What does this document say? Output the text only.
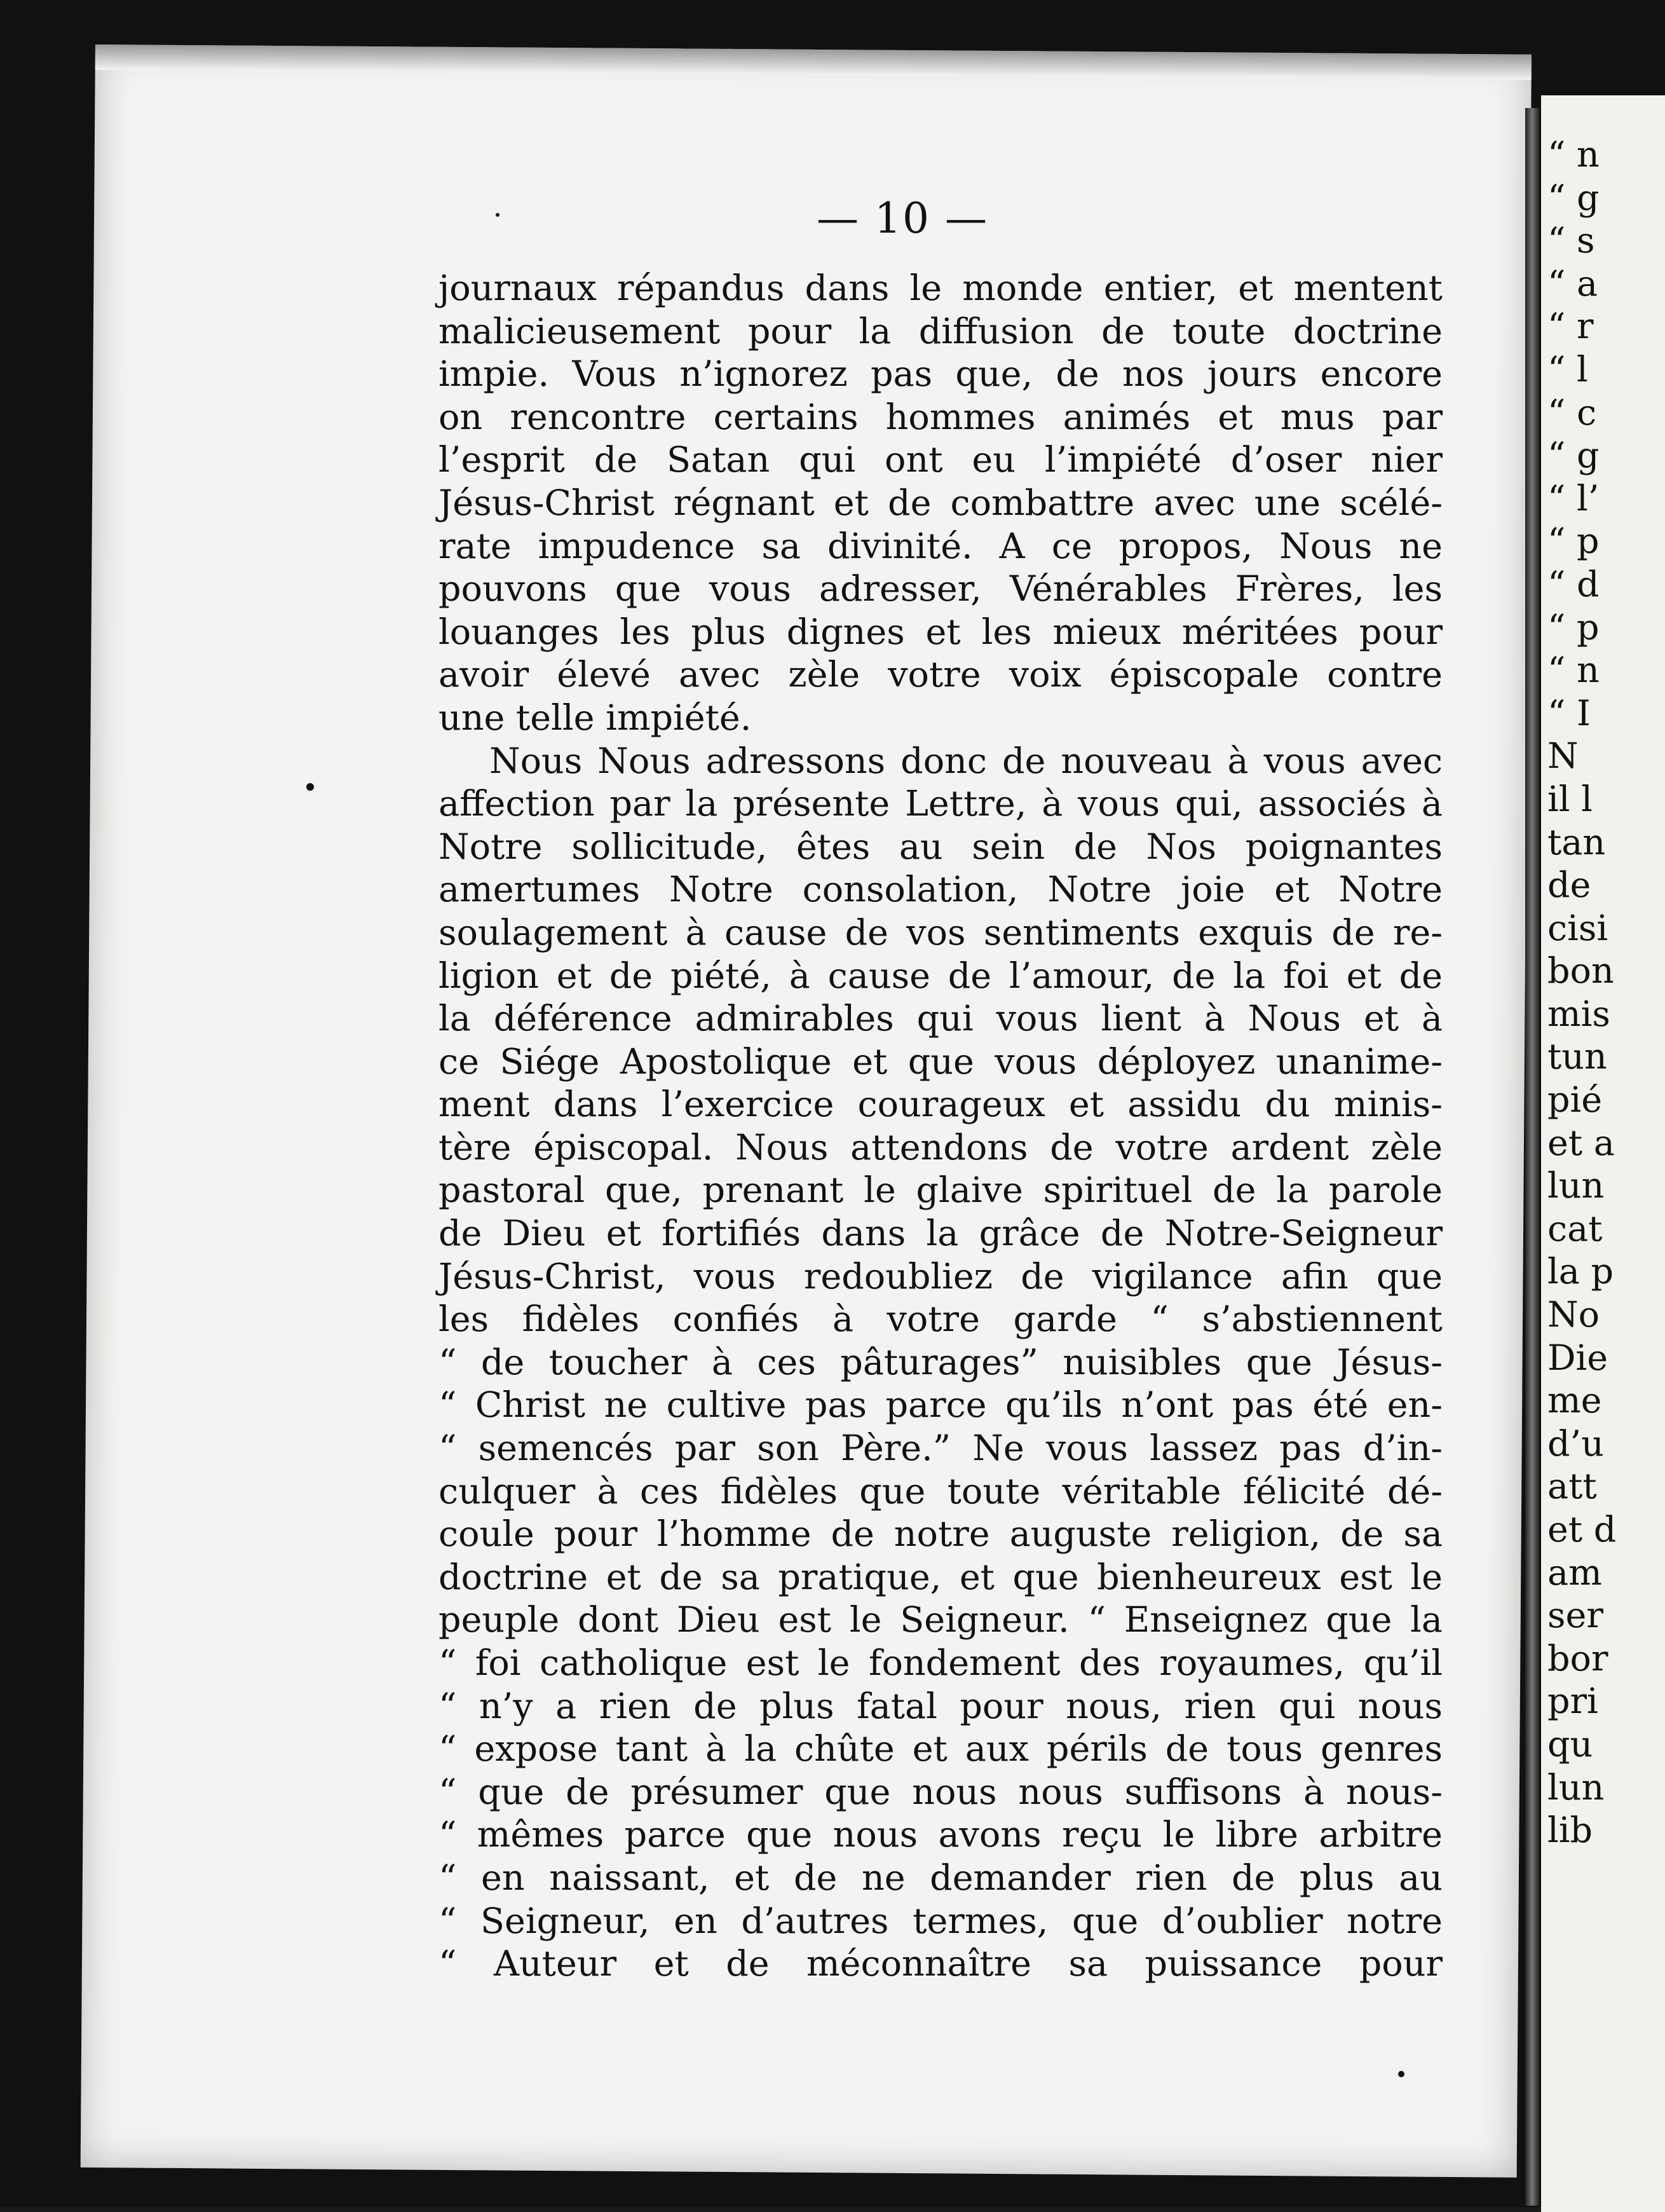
“ n
“ g
“ s
“ a
“ r
“ l
“ c
“ g
“ l’
“ p
“ d
“ p
“ n
“ I
N
il l
tan
de
cisi
bon
mis
tun
pié
et a
lun
cat
la p
No
Die
me
d’u
att
et d
am
ser
bor
pri
qu
lun
lib
— 10 —
journaux répandus dans le monde entier, et mentent
malicieusement pour la diffusion de toute doctrine
impie. Vous n’ignorez pas que, de nos jours encore
on rencontre certains hommes animés et mus par
l’esprit de Satan qui ont eu l’impiété d’oser nier
Jésus-Christ régnant et de combattre avec une scélé-
rate impudence sa divinité. A ce propos, Nous ne
pouvons que vous adresser, Vénérables Frères, les
louanges les plus dignes et les mieux méritées pour
avoir élevé avec zèle votre voix épiscopale contre
une telle impiété.
Nous Nous adressons donc de nouveau à vous avec
affection par la présente Lettre, à vous qui, associés à
Notre sollicitude, êtes au sein de Nos poignantes
amertumes Notre consolation, Notre joie et Notre
soulagement à cause de vos sentiments exquis de re-
ligion et de piété, à cause de l’amour, de la foi et de
la déférence admirables qui vous lient à Nous et à
ce Siége Apostolique et que vous déployez unanime-
ment dans l’exercice courageux et assidu du minis-
tère épiscopal. Nous attendons de votre ardent zèle
pastoral que, prenant le glaive spirituel de la parole
de Dieu et fortifiés dans la grâce de Notre-Seigneur
Jésus-Christ, vous redoubliez de vigilance afin que
les fidèles confiés à votre garde “ s’abstiennent
“ de toucher à ces pâturages” nuisibles que Jésus-
“ Christ ne cultive pas parce qu’ils n’ont pas été en-
“ semencés par son Père.” Ne vous lassez pas d’in-
culquer à ces fidèles que toute véritable félicité dé-
coule pour l’homme de notre auguste religion, de sa
doctrine et de sa pratique, et que bienheureux est le
peuple dont Dieu est le Seigneur. “ Enseignez que la
“ foi catholique est le fondement des royaumes, qu’il
“ n’y a rien de plus fatal pour nous, rien qui nous
“ expose tant à la chûte et aux périls de tous genres
“ que de présumer que nous nous suffisons à nous-
“ mêmes parce que nous avons reçu le libre arbitre
“ en naissant, et de ne demander rien de plus au
“ Seigneur, en d’autres termes, que d’oublier notre
“ Auteur et de méconnaître sa puissance pour
